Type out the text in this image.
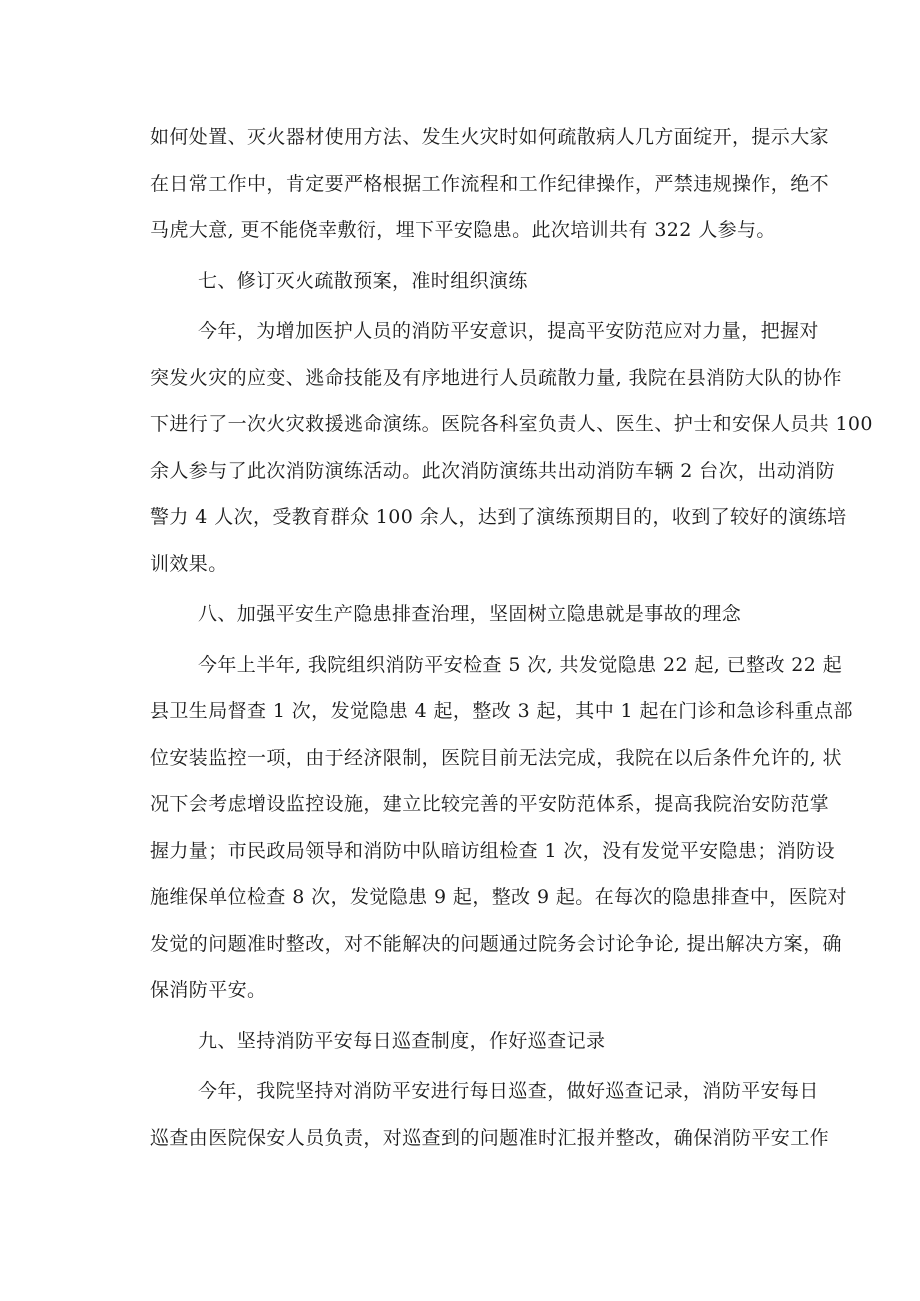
如何处置、灭火器材使用方法、发生火灾时如何疏散病人几方面绽开，提示大家
在日常工作中，肯定要严格根据工作流程和工作纪律操作，严禁违规操作，绝不
马虎大意, 更不能侥幸敷衍，埋下平安隐患。此次培训共有 322 人参与。
七、修订灭火疏散预案，准时组织演练
今年，为增加医护人员的消防平安意识，提高平安防范应对力量，把握对
突发火灾的应变、逃命技能及有序地进行人员疏散力量, 我院在县消防大队的协作
下进行了一次火灾救援逃命演练。医院各科室负责人、医生、护士和安保人员共 100
余人参与了此次消防演练活动。此次消防演练共出动消防车辆 2 台次，出动消防
警力 4 人次，受教育群众 100 余人，达到了演练预期目的，收到了较好的演练培
训效果。
八、加强平安生产隐患排查治理，坚固树立隐患就是事故的理念
今年上半年, 我院组织消防平安检查 5 次, 共发觉隐患 22 起, 已整改 22 起
县卫生局督查 1 次，发觉隐患 4 起，整改 3 起，其中 1 起在门诊和急诊科重点部
位安装监控一项，由于经济限制，医院目前无法完成，我院在以后条件允许的, 状
况下会考虑增设监控设施，建立比较完善的平安防范体系，提高我院治安防范掌
握力量；市民政局领导和消防中队暗访组检查 1 次，没有发觉平安隐患；消防设
施维保单位检查 8 次，发觉隐患 9 起，整改 9 起。在每次的隐患排查中，医院对
发觉的问题准时整改，对不能解决的问题通过院务会讨论争论, 提出解决方案，确
保消防平安。
九、坚持消防平安每日巡查制度，作好巡查记录
今年，我院坚持对消防平安进行每日巡查，做好巡查记录，消防平安每日
巡查由医院保安人员负责，对巡查到的问题准时汇报并整改，确保消防平安工作
